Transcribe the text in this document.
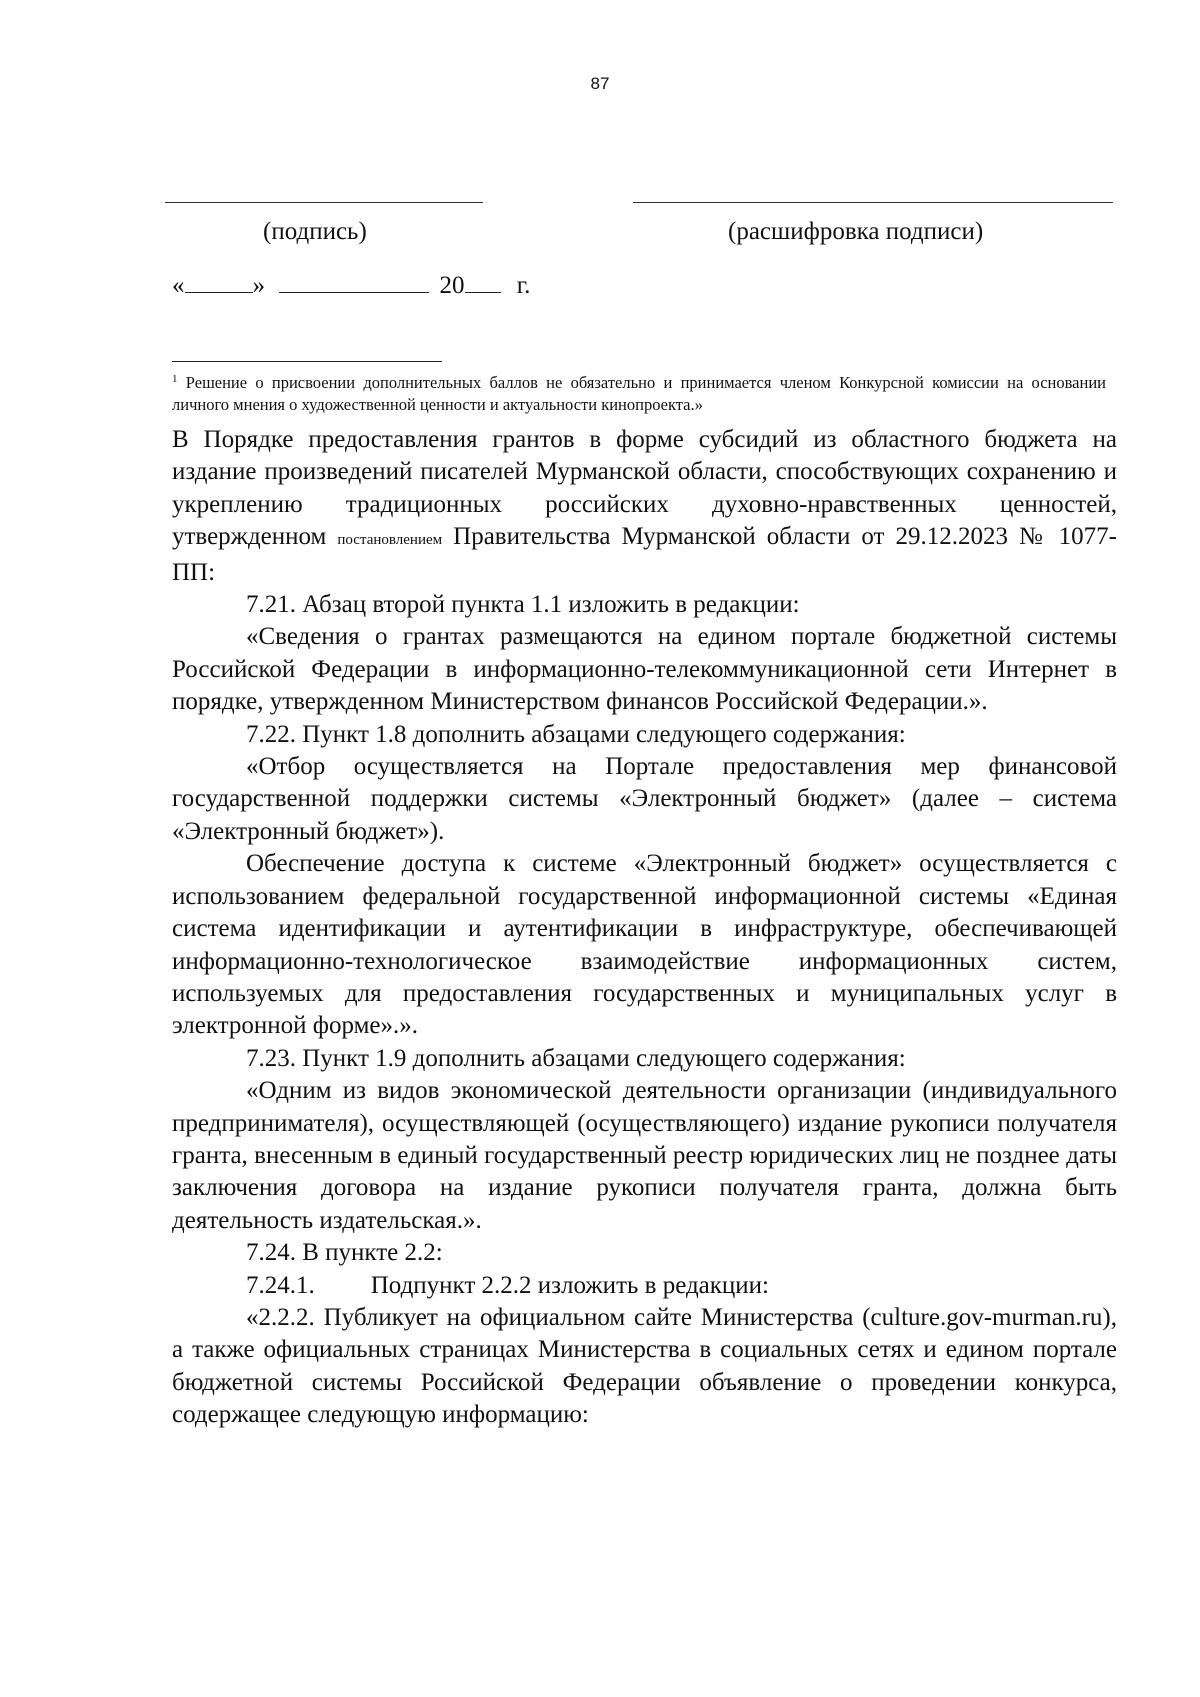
87
(подпись)	(расшифровка подписи)
«	»	20 г.
$^1$ Решение о присвоении дополнительных баллов не обязательно и принимается членом Конкурсной комиссии на основании личного мнения о художественной ценности и актуальности кинопроекта.»

В Порядке предоставления грантов в форме субсидий из областного бюджета на издание произведений писателей Мурманской области, способствующих сохранению и укреплению традиционных российских духовно-нравственных ценностей, утвержденном постановлением Правительства Мурманской области от 29.12.2023 № 1077-ПП:

7.21. Абзац второй пункта 1.1 изложить в редакции:

«Сведения о грантах размещаются на едином портале бюджетной системы Российской Федерации в информационно-телекоммуникационной сети Интернет в порядке, утвержденном Министерством финансов Российской Федерации.».

7.22. Пункт 1.8 дополнить абзацами следующего содержания:

«Отбор осуществляется на Портале предоставления мер финансовой государственной поддержки системы «Электронный бюджет» (далее – система «Электронный бюджет»).

Обеспечение доступа к системе «Электронный бюджет» осуществляется с использованием федеральной государственной информационной системы «Единая система идентификации и аутентификации в инфраструктуре, обеспечивающей информационно-технологическое взаимодействие информационных систем, используемых для предоставления государственных и муниципальных услуг в электронной форме».».

7.23. Пункт 1.9 дополнить абзацами следующего содержания:

«Одним из видов экономической деятельности организации (индивидуального предпринимателя), осуществляющей (осуществляющего) издание рукописи получателя гранта, внесенным в единый государственный реестр юридических лиц не позднее даты заключения договора на издание рукописи получателя гранта, должна быть деятельность издательская.».

7.24. В пункте 2.2:

7.24.1. Подпункт 2.2.2 изложить в редакции:

«2.2.2. Публикует на официальном сайте Министерства (culture.gov-murman.ru), а также официальных страницах Министерства в социальных сетях и едином портале бюджетной системы Российской Федерации объявление о проведении конкурса, содержащее следующую информацию:
